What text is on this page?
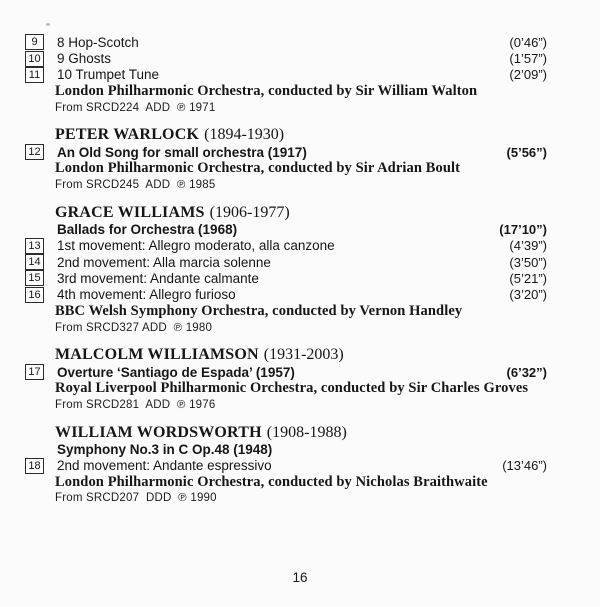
9	8 Hop-Scotch	(0’46”)
10 9 Ghosts	(1’57”)
11 10 Trumpet Tune	(2’09”)
London Philharmonic Orchestra, conducted by Sir William Walton
From SRCD224  ADD  ℗ 1971
PETER WARLOCK (1894-1930)
12 An Old Song for small orchestra (1917)	(5’56”)
London Philharmonic Orchestra, conducted by Sir Adrian Boult
From SRCD245  ADD  ℗ 1985
GRACE WILLIAMS (1906-1977)
Ballads for Orchestra (1968)	(17’10”)
13 1st movement: Allegro moderato, alla canzone	(4’39”)
14 2nd movement: Alla marcia solenne	(3’50”)
15 3rd movement: Andante calmante	(5’21”)
16 4th movement: Allegro furioso	(3’20”)
BBC Welsh Symphony Orchestra, conducted by Vernon Handley
From SRCD327 ADD  ℗ 1980
MALCOLM WILLIAMSON (1931-2003)
17 Overture ‘Santiago de Espada’ (1957)	(6’32”)
Royal Liverpool Philharmonic Orchestra, conducted by Sir Charles Groves
From SRCD281  ADD  ℗ 1976
WILLIAM WORDSWORTH (1908-1988)
Symphony No.3 in C Op.48 (1948)
18 2nd movement: Andante espressivo	(13’46”)
London Philharmonic Orchestra, conducted by Nicholas Braithwaite
From SRCD207  DDD  ℗ 1990
16
